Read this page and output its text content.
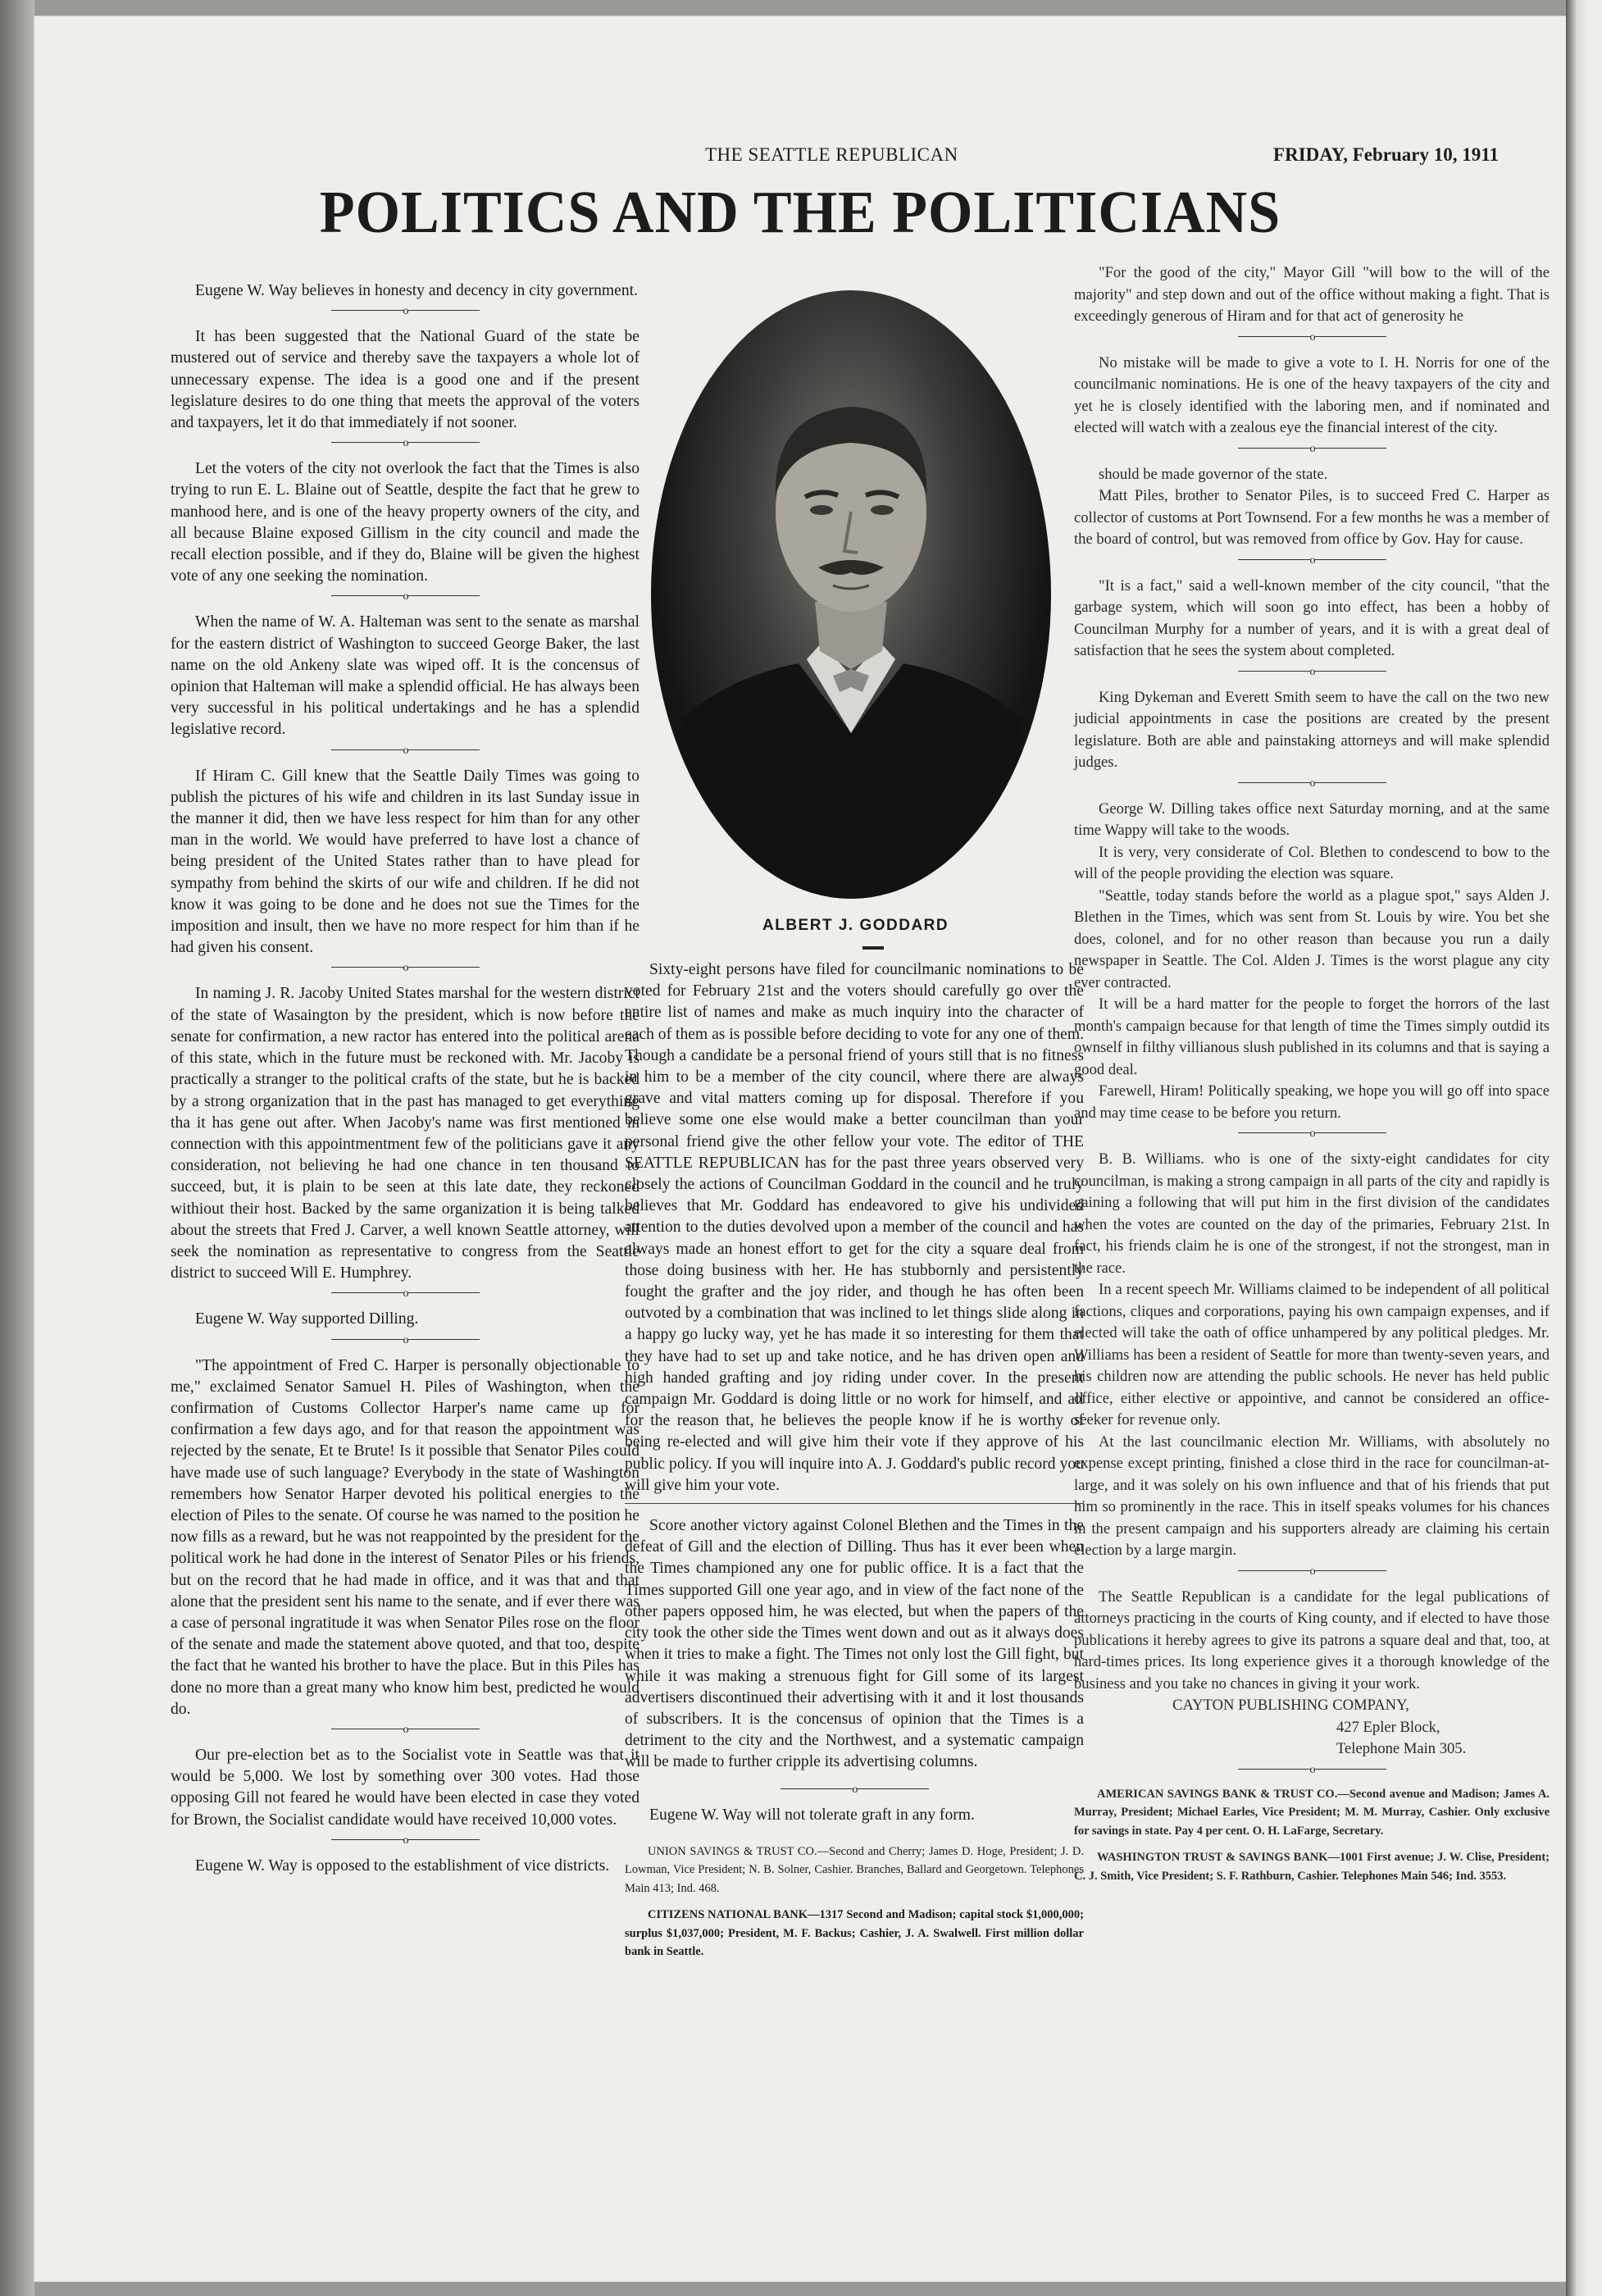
THE SEATTLE REPUBLICAN	FRIDAY, February 10, 1911
POLITICS AND THE POLITICIANS

Eugene W. Way believes in honesty and decency in city government.

o

It has been suggested that the National Guard of the state be mustered out of service and thereby save the taxpayers a whole lot of unnecessary expense. The idea is a good one and if the present legislature desires to do one thing that meets the approval of the voters and taxpayers, let it do that immediately if not sooner.

o

Let the voters of the city not overlook the fact that the Times is also trying to run E. L. Blaine out of Seattle, despite the fact that he grew to manhood here, and is one of the heavy property owners of the city, and all because Blaine exposed Gillism in the city council and made the recall election possible, and if they do, Blaine will be given the highest vote of any one seeking the nomination.

o

When the name of W. A. Halteman was sent to the senate as marshal for the eastern district of Washington to succeed George Baker, the last name on the old Ankeny slate was wiped off. It is the concensus of opinion that Halteman will make a splendid official. He has always been very successful in his political undertakings and he has a splendid legislative record.

o

If Hiram C. Gill knew that the Seattle Daily Times was going to publish the pictures of his wife and children in its last Sunday issue in the manner it did, then we have less respect for him than for any other man in the world. We would have preferred to have lost a chance of being president of the United States rather than to have plead for sympathy from behind the skirts of our wife and children. If he did not know it was going to be done and he does not sue the Times for the imposition and insult, then we have no more respect for him than if he had given his consent.

o

In naming J. R. Jacoby United States marshal for the western district of the state of Wasaington by the president, which is now before the senate for confirmation, a new ractor has entered into the political arena of this state, which in the future must be reckoned with. Mr. Jacoby is practically a stranger to the political crafts of the state, but he is backed by a strong organization that in the past has managed to get everything tha it has gene out after. When Jacoby's name was first mentioned in connection with this appointmentment few of the politicians gave it any consideration, not believing he had one chance in ten thousand to succeed, but, it is plain to be seen at this late date, they reckoned withiout their host. Backed by the same organization it is being talked about the streets that Fred J. Carver, a well known Seattle attorney, will seek the nomination as representative to congress from the Seattle district to succeed Will E. Humphrey.

o

Eugene W. Way supported Dilling.

o

"The appointment of Fred C. Harper is personally objectionable to me," exclaimed Senator Samuel H. Piles of Washington, when the confirmation of Customs Collector Harper's name came up for confirmation a few days ago, and for that reason the appointment was rejected by the senate, Et te Brute! Is it possible that Senator Piles could have made use of such language? Everybody in the state of Washington remembers how Senator Harper devoted his political energies to the election of Piles to the senate. Of course he was named to the position he now fills as a reward, but he was not reappointed by the president for the political work he had done in the interest of Senator Piles or his friends, but on the record that he had made in office, and it was that and that alone that the president sent his name to the senate, and if ever there was a case of personal ingratitude it was when Senator Piles rose on the floor of the senate and made the statement above quoted, and that too, despite the fact that he wanted his brother to have the place. But in this Piles has done no more than a great many who know him best, predicted he would do.

o

Our pre-election bet as to the Socialist vote in Seattle was that it would be 5,000. We lost by something over 300 votes. Had those opposing Gill not feared he would have been elected in case they voted for Brown, the Socialist candidate would have received 10,000 votes.

o

Eugene W. Way is opposed to the establishment of vice districts.

ALBERT J. GODDARD

Sixty-eight persons have filed for councilmanic nominations to be voted for February 21st and the voters should carefully go over the entire list of names and make as much inquiry into the character of each of them as is possible before deciding to vote for any one of them. Though a candidate be a personal friend of yours still that is no fitness in him to be a member of the city council, where there are always grave and vital matters coming up for disposal. Therefore if you believe some one else would make a better councilman than your personal friend give the other fellow your vote. The editor of THE SEATTLE REPUBLICAN has for the past three years observed very closely the actions of Councilman Goddard in the council and he truly believes that Mr. Goddard has endeavored to give his undivided attention to the duties devolved upon a member of the council and has always made an honest effort to get for the city a square deal from those doing business with her. He has stubbornly and persistently fought the grafter and the joy rider, and though he has often been outvoted by a combination that was inclined to let things slide along in a happy go lucky way, yet he has made it so interesting for them that they have had to set up and take notice, and he has driven open and high handed grafting and joy riding under cover. In the present campaign Mr. Goddard is doing little or no work for himself, and all for the reason that, he believes the people know if he is worthy of being re-elected and will give him their vote if they approve of his public policy. If you will inquire into A. J. Goddard's public record you will give him your vote.

Score another victory against Colonel Blethen and the Times in the defeat of Gill and the election of Dilling. Thus has it ever been when the Times championed any one for public office. It is a fact that the Times supported Gill one year ago, and in view of the fact none of the other papers opposed him, he was elected, but when the papers of the city took the other side the Times went down and out as it always does when it tries to make a fight. The Times not only lost the Gill fight, but while it was making a strenuous fight for Gill some of its largest advertisers discontinued their advertising with it and it lost thousands of subscribers. It is the concensus of opinion that the Times is a detriment to the city and the Northwest, and a systematic campaign will be made to further cripple its advertising columns.

o

Eugene W. Way will not tolerate graft in any form.

UNION SAVINGS & TRUST CO.—Second and Cherry; James D. Hoge, President; J. D. Lowman, Vice President; N. B. Solner, Cashier. Branches, Ballard and Georgetown. Telephones Main 413; Ind. 468.

CITIZENS NATIONAL BANK—1317 Second and Madison; capital stock $1,000,000; surplus $1,037,000; President, M. F. Backus; Cashier, J. A. Swalwell. First million dollar bank in Seattle.

"For the good of the city," Mayor Gill "will bow to the will of the majority" and step down and out of the office without making a fight. That is exceedingly generous of Hiram and for that act of generosity he

o

No mistake will be made to give a vote to I. H. Norris for one of the councilmanic nominations. He is one of the heavy taxpayers of the city and yet he is closely identified with the laboring men, and if nominated and elected will watch with a zealous eye the financial interest of the city.

o

should be made governor of the state.

Matt Piles, brother to Senator Piles, is to succeed Fred C. Harper as collector of customs at Port Townsend. For a few months he was a member of the board of control, but was removed from office by Gov. Hay for cause.

o

"It is a fact," said a well-known member of the city council, "that the garbage system, which will soon go into effect, has been a hobby of Councilman Murphy for a number of years, and it is with a great deal of satisfaction that he sees the system about completed.

o

King Dykeman and Everett Smith seem to have the call on the two new judicial appointments in case the positions are created by the present legislature. Both are able and painstaking attorneys and will make splendid judges.

o

George W. Dilling takes office next Saturday morning, and at the same time Wappy will take to the woods.

It is very, very considerate of Col. Blethen to condescend to bow to the will of the people providing the election was square.

"Seattle, today stands before the world as a plague spot," says Alden J. Blethen in the Times, which was sent from St. Louis by wire. You bet she does, colonel, and for no other reason than because you run a daily newspaper in Seattle. The Col. Alden J. Times is the worst plague any city ever contracted.

It will be a hard matter for the people to forget the horrors of the last month's campaign because for that length of time the Times simply outdid its ownself in filthy villianous slush published in its columns and that is saying a good deal.

Farewell, Hiram! Politically speaking, we hope you will go off into space and may time cease to be before you return.

o

B. B. Williams. who is one of the sixty-eight candidates for city councilman, is making a strong campaign in all parts of the city and rapidly is gaining a following that will put him in the first division of the candidates when the votes are counted on the day of the primaries, February 21st. In fact, his friends claim he is one of the strongest, if not the strongest, man in the race.

In a recent speech Mr. Williams claimed to be independent of all political factions, cliques and corporations, paying his own campaign expenses, and if elected will take the oath of office unhampered by any political pledges. Mr. Williams has been a resident of Seattle for more than twenty-seven years, and his children now are attending the public schools. He never has held public office, either elective or appointive, and cannot be considered an office-seeker for revenue only.

At the last councilmanic election Mr. Williams, with absolutely no expense except printing, finished a close third in the race for councilman-at-large, and it was solely on his own influence and that of his friends that put him so prominently in the race. This in itself speaks volumes for his chances in the present campaign and his supporters already are claiming his certain election by a large margin.

o

The Seattle Republican is a candidate for the legal publications of attorneys practicing in the courts of King county, and if elected to have those publications it hereby agrees to give its patrons a square deal and that, too, at hard-times prices. Its long experience gives it a thorough knowledge of the business and you take no chances in giving it your work.

CAYTON PUBLISHING COMPANY,
427 Epler Block,
Telephone Main 305.
o

AMERICAN SAVINGS BANK & TRUST CO.—Second avenue and Madison; James A. Murray, President; Michael Earles, Vice President; M. M. Murray, Cashier. Only exclusive for savings in state. Pay 4 per cent. O. H. LaFarge, Secretary.

WASHINGTON TRUST & SAVINGS BANK—1001 First avenue; J. W. Clise, President; C. J. Smith, Vice President; S. F. Rathburn, Cashier. Telephones Main 546; Ind. 3553.
